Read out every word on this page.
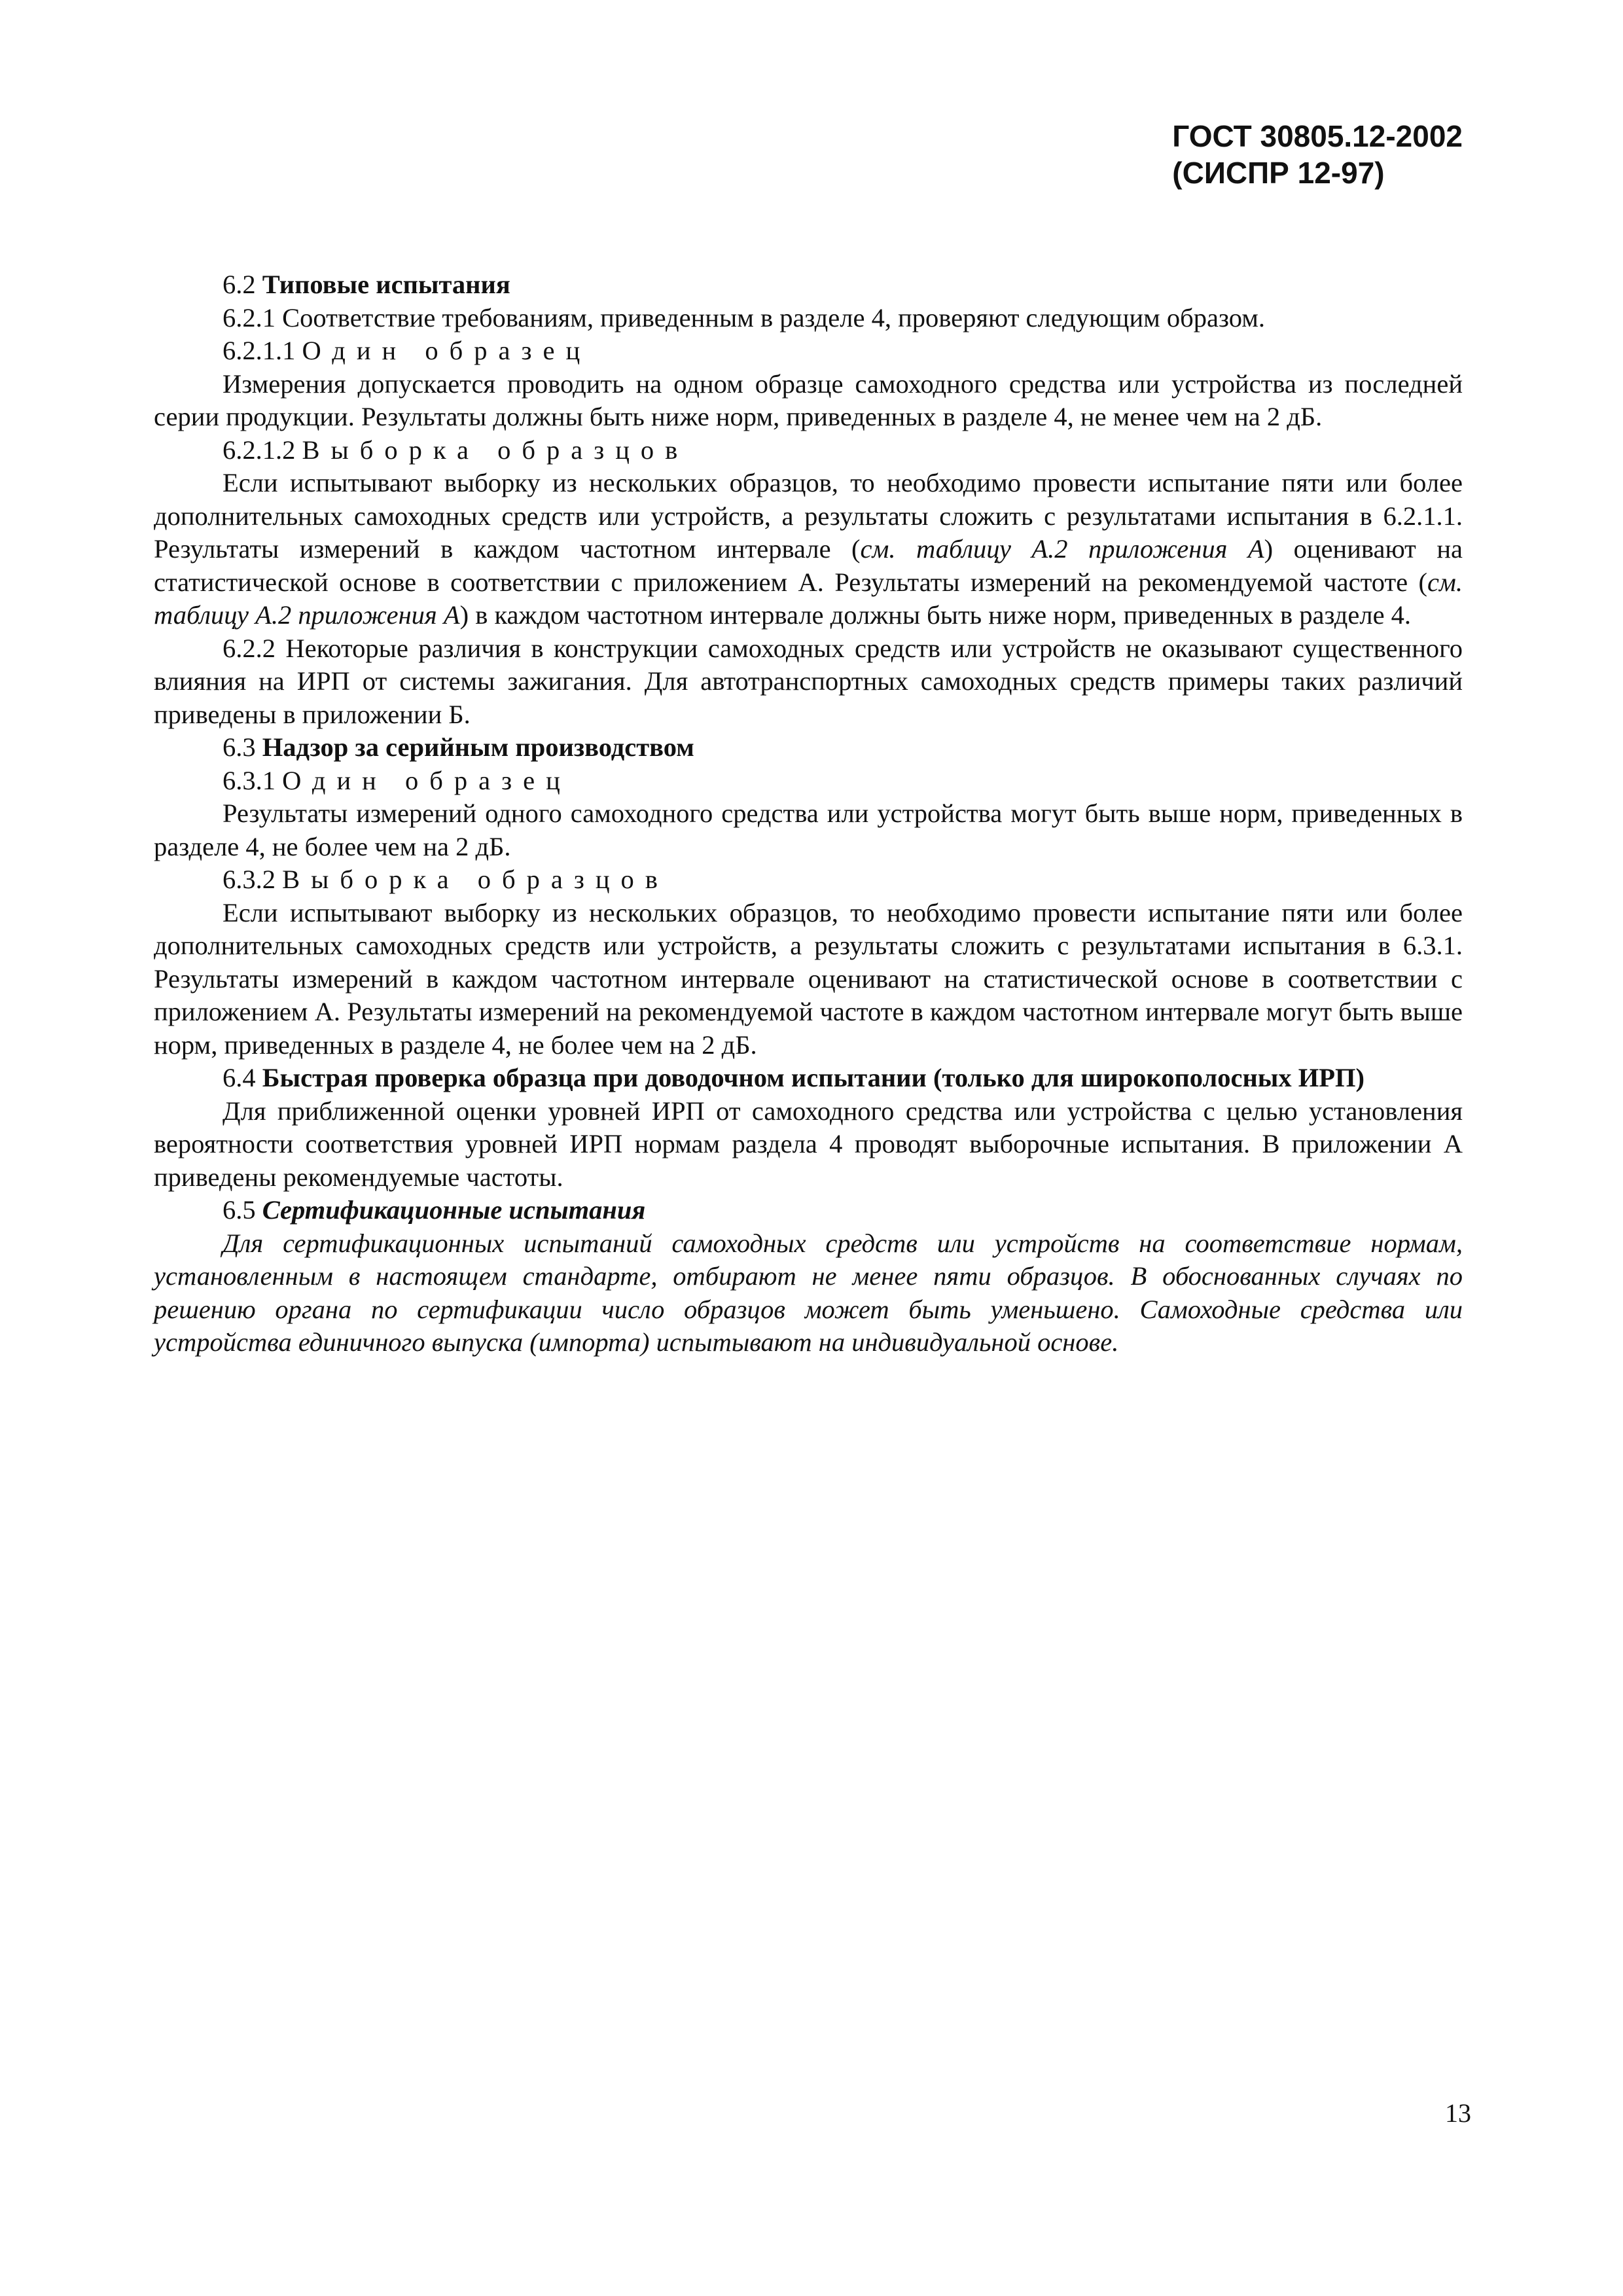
ГОСТ 30805.12-2002
(СИСПР 12-97)

6.2 Типовые испытания

6.2.1 Соответствие требованиям, приведенным в разделе 4, проверяют следующим образом.

6.2.1.1 Один образец

Измерения допускается проводить на одном образце самоходного средства или устройства из последней серии продукции. Результаты должны быть ниже норм, приведенных в разделе 4, не менее чем на 2 дБ.

6.2.1.2 Выборка образцов

Если испытывают выборку из нескольких образцов, то необходимо провести испытание пяти или более дополнительных самоходных средств или устройств, а результаты сложить с результатами испытания в 6.2.1.1. Результаты измерений в каждом частотном интервале (см. таблицу А.2 приложения А) оценивают на статистической основе в соответствии с приложением А. Результаты измерений на рекомендуемой частоте (см. таблицу А.2 приложения А) в каждом частотном интервале должны быть ниже норм, приведенных в разделе 4.

6.2.2 Некоторые различия в конструкции самоходных средств или устройств не оказывают существенного влияния на ИРП от системы зажигания. Для автотранспортных самоходных средств примеры таких различий приведены в приложении Б.

6.3 Надзор за серийным производством

6.3.1 Один образец

Результаты измерений одного самоходного средства или устройства могут быть выше норм, приведенных в разделе 4, не более чем на 2 дБ.

6.3.2 Выборка образцов

Если испытывают выборку из нескольких образцов, то необходимо провести испытание пяти или более дополнительных самоходных средств или устройств, а результаты сложить с результатами испытания в 6.3.1. Результаты измерений в каждом частотном интервале оценивают на статистической основе в соответствии с приложением А. Результаты измерений на рекомендуемой частоте в каждом частотном интервале могут быть выше норм, приведенных в разделе 4, не более чем на 2 дБ.

6.4 Быстрая проверка образца при доводочном испытании (только для широкополосных ИРП)

Для приближенной оценки уровней ИРП от самоходного средства или устройства с целью установления вероятности соответствия уровней ИРП нормам раздела 4 проводят выборочные испытания. В приложении А приведены рекомендуемые частоты.

6.5 Сертификационные испытания

Для сертификационных испытаний самоходных средств или устройств на соответствие нормам, установленным в настоящем стандарте, отбирают не менее пяти образцов. В обоснованных случаях по решению органа по сертификации число образцов может быть уменьшено. Самоходные средства или устройства единичного выпуска (импорта) испытывают на индивидуальной основе.

13
